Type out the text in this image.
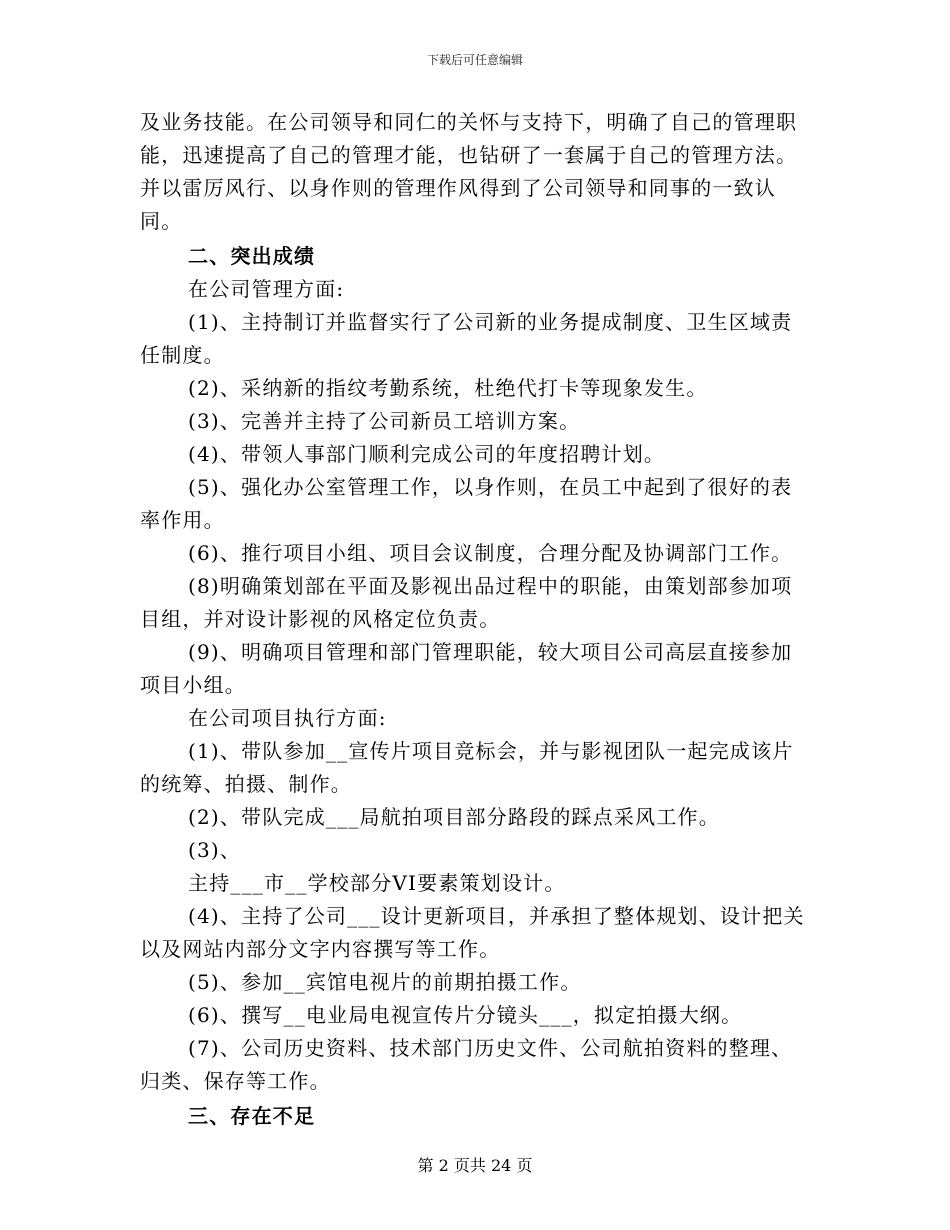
下载后可任意编辑

及业务技能。在公司领导和同仁的关怀与支持下，明确了自己的管理职能，迅速提高了自己的管理才能，也钻研了一套属于自己的管理方法。并以雷厉风行、以身作则的管理作风得到了公司领导和同事的一致认同。

二、突出成绩

在公司管理方面:

(1)、主持制订并监督实行了公司新的业务提成制度、卫生区域责任制度。

(2)、采纳新的指纹考勤系统，杜绝代打卡等现象发生。

(3)、完善并主持了公司新员工培训方案。

(4)、带领人事部门顺利完成公司的年度招聘计划。

(5)、强化办公室管理工作，以身作则，在员工中起到了很好的表率作用。

(6)、推行项目小组、项目会议制度，合理分配及协调部门工作。

(8)明确策划部在平面及影视出品过程中的职能，由策划部参加项目组，并对设计影视的风格定位负责。

(9)、明确项目管理和部门管理职能，较大项目公司高层直接参加项目小组。

在公司项目执行方面:

(1)、带队参加__宣传片项目竞标会，并与影视团队一起完成该片的统筹、拍摄、制作。

(2)、带队完成___局航拍项目部分路段的踩点采风工作。

(3)、

主持___市__学校部分VI要素策划设计。

(4)、主持了公司___设计更新项目，并承担了整体规划、设计把关以及网站内部分文字内容撰写等工作。

(5)、参加__宾馆电视片的前期拍摄工作。

(6)、撰写__电业局电视宣传片分镜头___，拟定拍摄大纲。

(7)、公司历史资料、技术部门历史文件、公司航拍资料的整理、归类、保存等工作。

三、存在不足

第 2 页共 24 页
